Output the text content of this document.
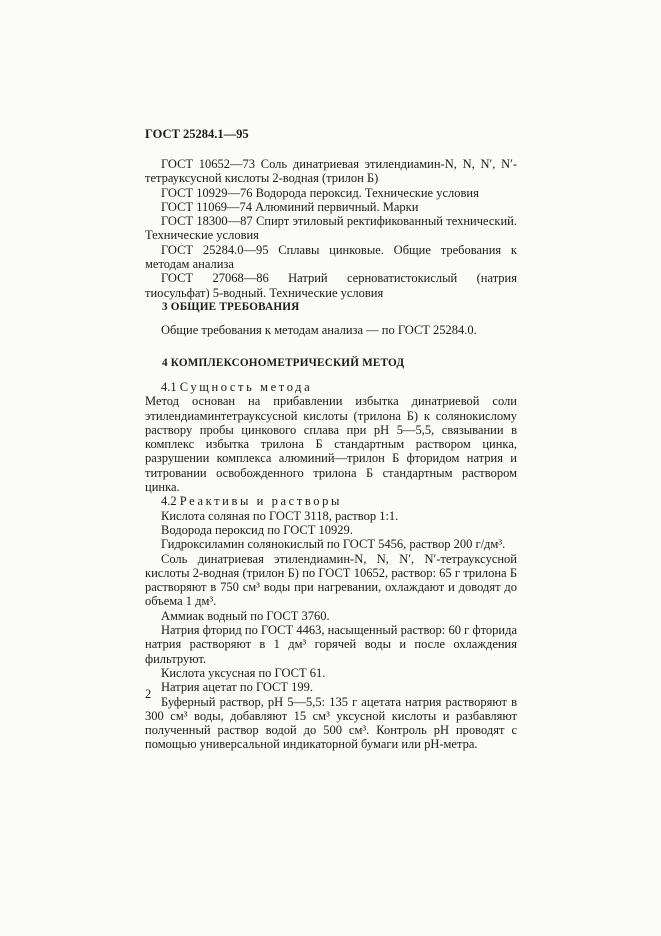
ГОСТ 25284.1—95

ГОСТ 10652—73 Соль динатриевая этилендиамин-N, N, N′, N′-тетрауксусной кислоты 2-водная (трилон Б)

ГОСТ 10929—76 Водорода пероксид. Технические условия

ГОСТ 11069—74 Алюминий первичный. Марки

ГОСТ 18300—87 Спирт этиловый ректификованный технический. Технические условия

ГОСТ 25284.0—95 Сплавы цинковые. Общие требования к методам анализа

ГОСТ 27068—86 Натрий серноватистокислый (натрия тиосульфат) 5-водный. Технические условия

3 ОБЩИЕ ТРЕБОВАНИЯ

Общие требования к методам анализа — по ГОСТ 25284.0.

4 КОМПЛЕКСОНОМЕТРИЧЕСКИЙ МЕТОД

4.1 Сущность метода

Метод основан на прибавлении избытка динатриевой соли этилендиаминтетрауксусной кислоты (трилона Б) к солянокислому раствору пробы цинкового сплава при pH 5—5,5, связывании в комплекс избытка трилона Б стандартным раствором цинка, разрушении комплекса алюминий—трилон Б фторидом натрия и титровании освобожденного трилона Б стандартным раствором цинка.

4.2 Реактивы и растворы

Кислота соляная по ГОСТ 3118, раствор 1:1.

Водорода пероксид по ГОСТ 10929.

Гидроксиламин солянокислый по ГОСТ 5456, раствор 200 г/дм³.

Соль динатриевая этилендиамин-N, N, N′, N′-тетрауксусной кислоты 2-водная (трилон Б) по ГОСТ 10652, раствор: 65 г трилона Б растворяют в 750 см³ воды при нагревании, охлаждают и доводят до объема 1 дм³.

Аммиак водный по ГОСТ 3760.

Натрия фторид по ГОСТ 4463, насыщенный раствор: 60 г фторида натрия растворяют в 1 дм³ горячей воды и после охлаждения фильтруют.

Кислота уксусная по ГОСТ 61.

Натрия ацетат по ГОСТ 199.

Буферный раствор, pH 5—5,5: 135 г ацетата натрия растворяют в 300 см³ воды, добавляют 15 см³ уксусной кислоты и разбавляют полученный раствор водой до 500 см³. Контроль pH проводят с помощью универсальной индикаторной бумаги или pH-метра.

2
